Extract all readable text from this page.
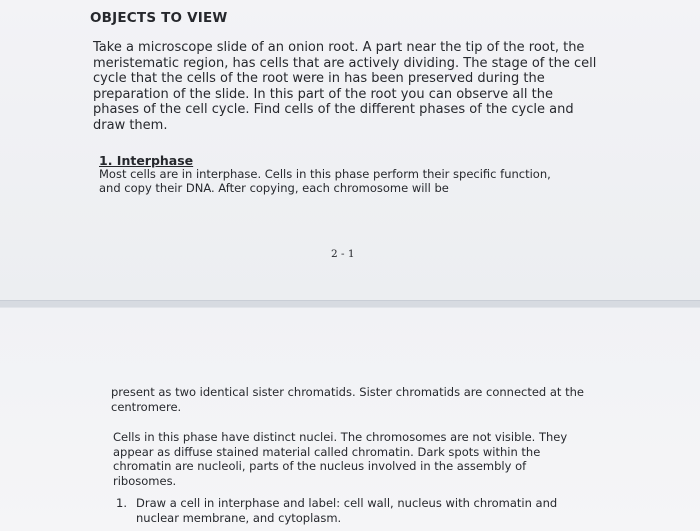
OBJECTS TO VIEW

Take a microscope slide of an onion root. A part near the tip of the root, the meristematic region, has cells that are actively dividing. The stage of the cell cycle that the cells of the root were in has been preserved during the preparation of the slide. In this part of the root you can observe all the phases of the cell cycle. Find cells of the different phases of the cycle and draw them.

1. Interphase

Most cells are in interphase. Cells in this phase perform their specific function, and copy their DNA. After copying, each chromosome will be

2 - 1

present as two identical sister chromatids. Sister chromatids are connected at the centromere.

Cells in this phase have distinct nuclei. The chromosomes are not visible. They appear as diffuse stained material called chromatin. Dark spots within the chromatin are nucleoli, parts of the nucleus involved in the assembly of ribosomes.

1. Draw a cell in interphase and label: cell wall, nucleus with chromatin and nuclear membrane, and cytoplasm.
